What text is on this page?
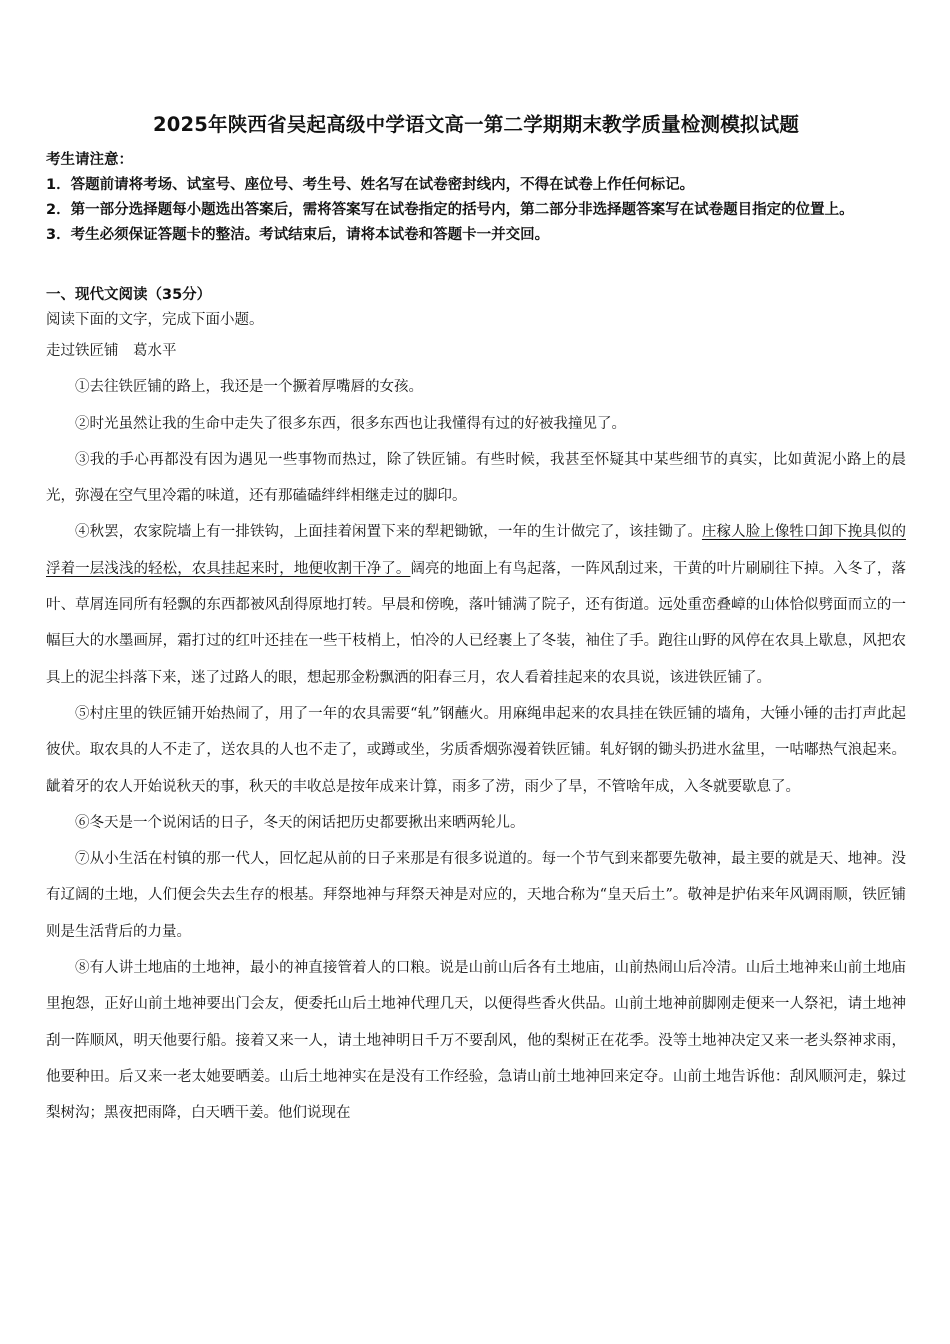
2025年陕西省吴起高级中学语文高一第二学期期末教学质量检测模拟试题

考生请注意：

1．答题前请将考场、试室号、座位号、考生号、姓名写在试卷密封线内，不得在试卷上作任何标记。

2．第一部分选择题每小题选出答案后，需将答案写在试卷指定的括号内，第二部分非选择题答案写在试卷题目指定的位置上。

3．考生必须保证答题卡的整洁。考试结束后，请将本试卷和答题卡一并交回。

一、现代文阅读（35分）

阅读下面的文字，完成下面小题。

走过铁匠铺　葛水平

①去往铁匠铺的路上，我还是一个撅着厚嘴唇的女孩。

②时光虽然让我的生命中走失了很多东西，很多东西也让我懂得有过的好被我撞见了。

③我的手心再都没有因为遇见一些事物而热过，除了铁匠铺。有些时候，我甚至怀疑其中某些细节的真实，比如黄泥小路上的晨光，弥漫在空气里冷霜的味道，还有那磕磕绊绊相继走过的脚印。

④秋罢，农家院墙上有一排铁钩，上面挂着闲置下来的犁耙锄锨，一年的生计做完了，该挂锄了。庄稼人脸上像牲口卸下挽具似的浮着一层浅浅的轻松，农具挂起来时，地便收割干净了。阔亮的地面上有鸟起落，一阵风刮过来，干黄的叶片刷刷往下掉。入冬了，落叶、草屑连同所有轻飘的东西都被风刮得原地打转。早晨和傍晚，落叶铺满了院子，还有街道。远处重峦叠嶂的山体恰似劈面而立的一幅巨大的水墨画屏，霜打过的红叶还挂在一些干枝梢上，怕冷的人已经裹上了冬装，袖住了手。跑往山野的风停在农具上歇息，风把农具上的泥尘抖落下来，迷了过路人的眼，想起那金粉飘洒的阳春三月，农人看着挂起来的农具说，该进铁匠铺了。

⑤村庄里的铁匠铺开始热闹了，用了一年的农具需要“轧”钢蘸火。用麻绳串起来的农具挂在铁匠铺的墙角，大锤小锤的击打声此起彼伏。取农具的人不走了，送农具的人也不走了，或蹲或坐，劣质香烟弥漫着铁匠铺。轧好钢的锄头扔进水盆里，一咕嘟热气浪起来。龇着牙的农人开始说秋天的事，秋天的丰收总是按年成来计算，雨多了涝，雨少了旱，不管啥年成，入冬就要歇息了。

⑥冬天是一个说闲话的日子，冬天的闲话把历史都要揪出来晒两轮儿。

⑦从小生活在村镇的那一代人，回忆起从前的日子来那是有很多说道的。每一个节气到来都要先敬神，最主要的就是天、地神。没有辽阔的土地，人们便会失去生存的根基。拜祭地神与拜祭天神是对应的，天地合称为“皇天后土”。敬神是护佑来年风调雨顺，铁匠铺则是生活背后的力量。

⑧有人讲土地庙的土地神，最小的神直接管着人的口粮。说是山前山后各有土地庙，山前热闹山后冷清。山后土地神来山前土地庙里抱怨，正好山前土地神要出门会友，便委托山后土地神代理几天，以便得些香火供品。山前土地神前脚刚走便来一人祭祀，请土地神刮一阵顺风，明天他要行船。接着又来一人，请土地神明日千万不要刮风，他的梨树正在花季。没等土地神决定又来一老头祭神求雨，他要种田。后又来一老太她要晒姜。山后土地神实在是没有工作经验，急请山前土地神回来定夺。山前土地告诉他：刮风顺河走，躲过梨树沟；黑夜把雨降，白天晒干姜。他们说现在
